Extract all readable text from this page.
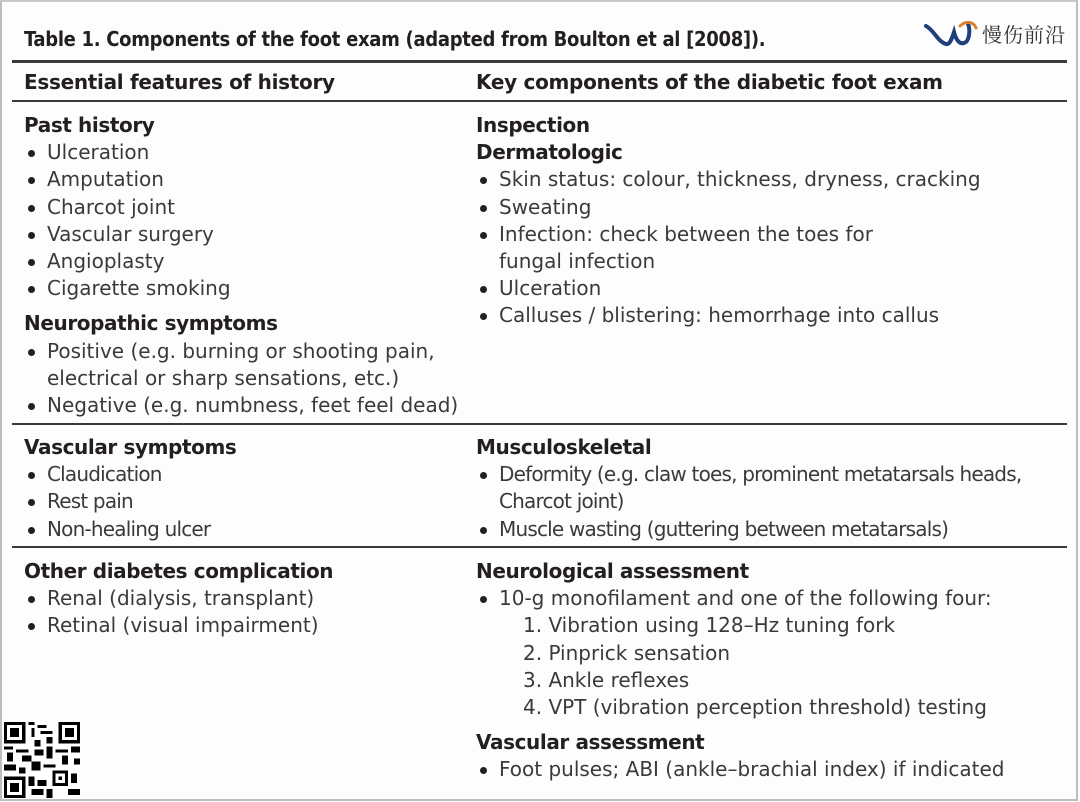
Table 1. Components of the foot exam (adapted from Boulton et al [2008]).	慢伤前沿
Essential features of history	Key components of the diabetic foot exam
Past history
Ulceration
Amputation
Charcot joint
Vascular surgery
Angioplasty
Cigarette smoking
Neuropathic symptoms
Positive (e.g. burning or shooting pain,
electrical or sharp sensations, etc.)
Negative (e.g. numbness, feet feel dead)
Inspection
Dermatologic
Skin status: colour, thickness, dryness, cracking
Sweating
Infection: check between the toes for
fungal infection
Ulceration
Calluses / blistering: hemorrhage into callus
Vascular symptoms
Claudication
Rest pain
Non-healing ulcer
Musculoskeletal
Deformity (e.g. claw toes, prominent metatarsals heads,
Charcot joint)
Muscle wasting (guttering between metatarsals)
Other diabetes complication
Renal (dialysis, transplant)
Retinal (visual impairment)
Neurological assessment
10-g monofilament and one of the following four:
1. Vibration using 128–Hz tuning fork
2. Pinprick sensation
3. Ankle reflexes
4. VPT (vibration perception threshold) testing
Vascular assessment
Foot pulses; ABI (ankle–brachial index) if indicated
